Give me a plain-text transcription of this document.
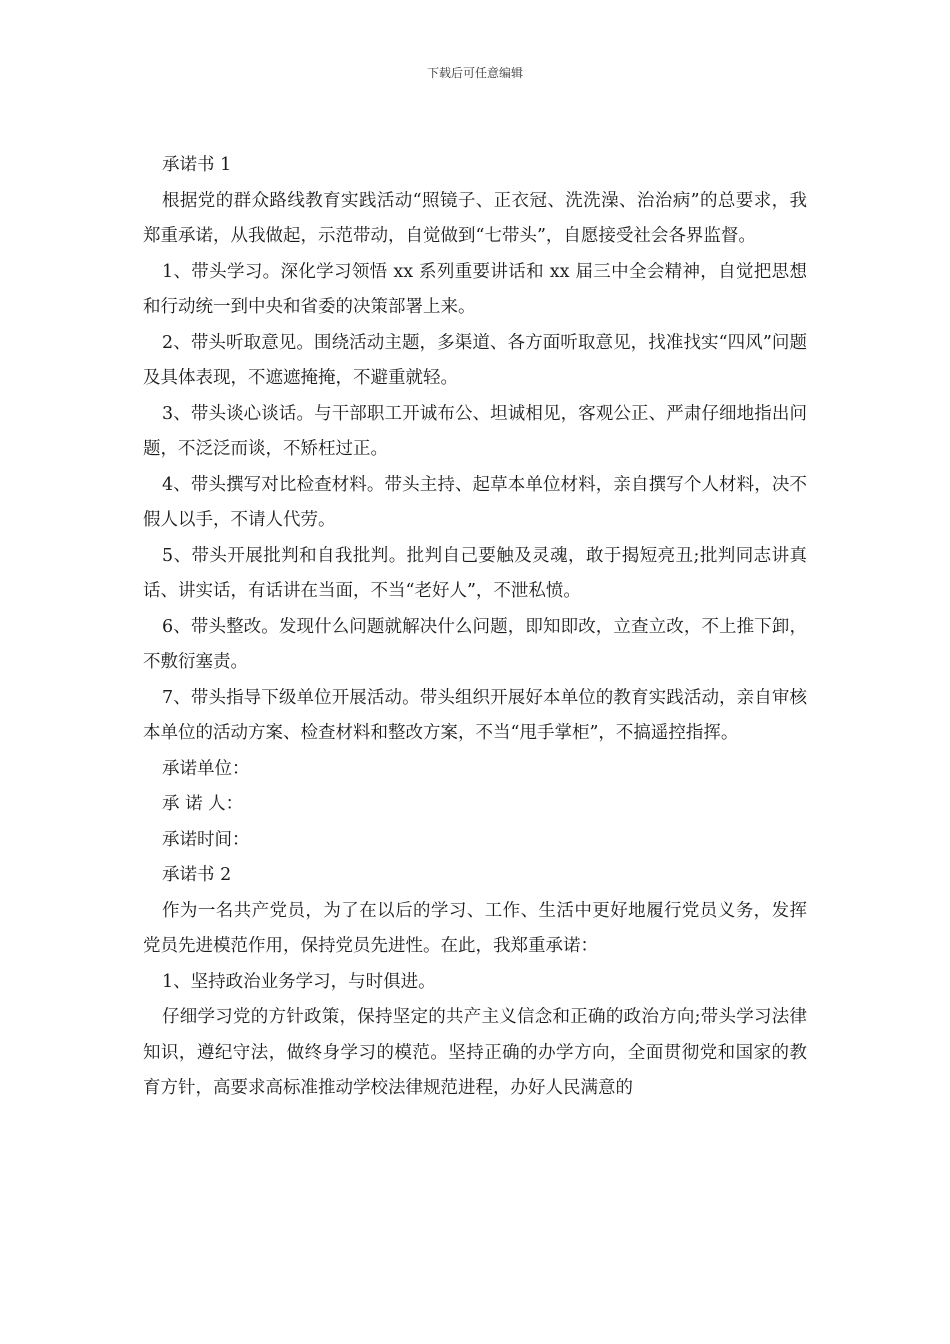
下载后可任意编辑

承诺书 1

根据党的群众路线教育实践活动“照镜子、正衣冠、洗洗澡、治治病”的总要求，我郑重承诺，从我做起，示范带动，自觉做到“七带头”，自愿接受社会各界监督。

1、带头学习。深化学习领悟 xx 系列重要讲话和 xx 届三中全会精神，自觉把思想和行动统一到中央和省委的决策部署上来。

2、带头听取意见。围绕活动主题，多渠道、各方面听取意见，找准找实“四风”问题及具体表现，不遮遮掩掩，不避重就轻。

3、带头谈心谈话。与干部职工开诚布公、坦诚相见，客观公正、严肃仔细地指出问题，不泛泛而谈，不矫枉过正。

4、带头撰写对比检查材料。带头主持、起草本单位材料，亲自撰写个人材料，决不假人以手，不请人代劳。

5、带头开展批判和自我批判。批判自己要触及灵魂，敢于揭短亮丑;批判同志讲真话、讲实话，有话讲在当面，不当“老好人”，不泄私愤。

6、带头整改。发现什么问题就解决什么问题，即知即改，立查立改，不上推下卸，不敷衍塞责。

7、带头指导下级单位开展活动。带头组织开展好本单位的教育实践活动，亲自审核本单位的活动方案、检查材料和整改方案，不当“甩手掌柜”，不搞遥控指挥。

承诺单位：

承 诺 人：

承诺时间：

承诺书 2

作为一名共产党员，为了在以后的学习、工作、生活中更好地履行党员义务，发挥党员先进模范作用，保持党员先进性。在此，我郑重承诺：

1、坚持政治业务学习，与时俱进。

仔细学习党的方针政策，保持坚定的共产主义信念和正确的政治方向;带头学习法律知识，遵纪守法，做终身学习的模范。坚持正确的办学方向，全面贯彻党和国家的教育方针，高要求高标准推动学校法律规范进程，办好人民满意的
